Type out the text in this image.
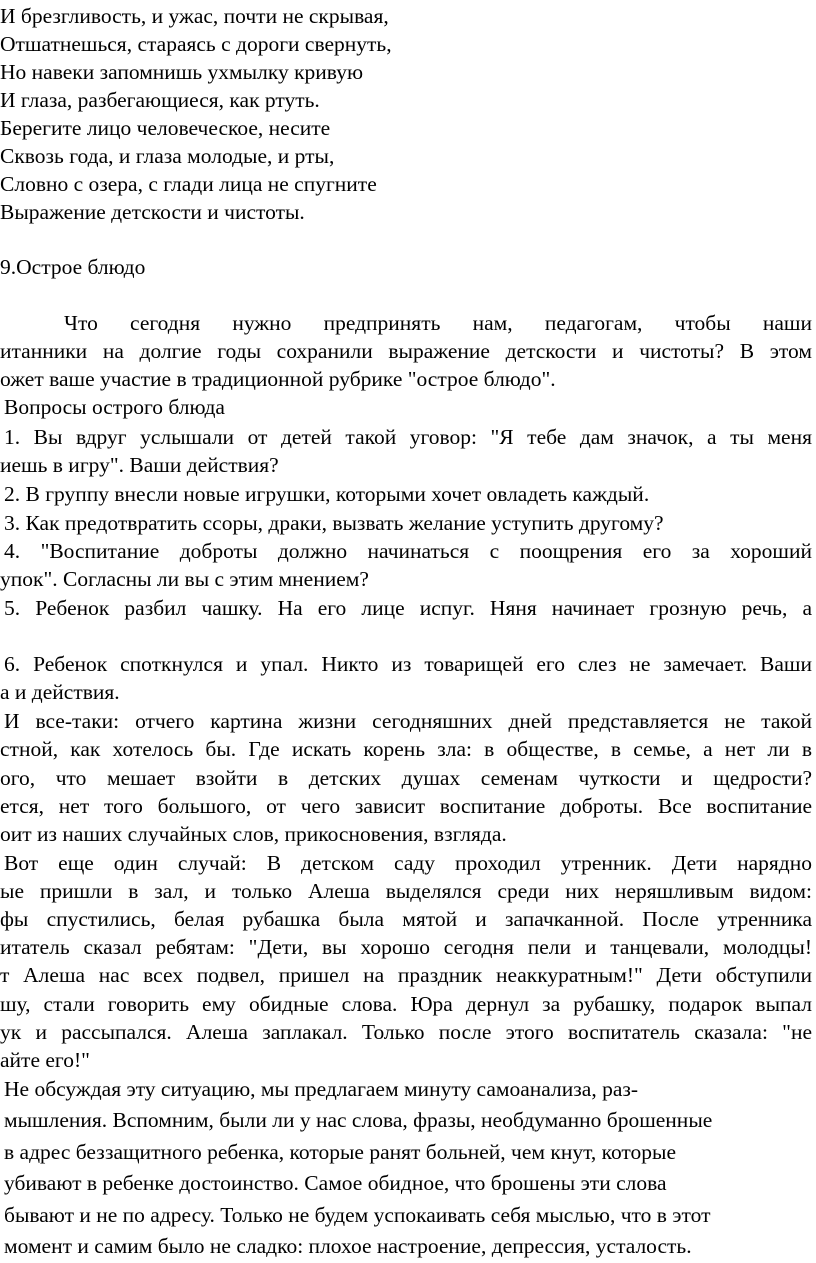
И брезгливость, и ужас, почти не скрывая,
Отшатнешься, стараясь с дороги свернуть,
Но навеки запомнишь ухмылку кривую
И глаза, разбегающиеся, как ртуть.
Берегите лицо человеческое, несите
Сквозь года, и глаза молодые, и рты,
Словно с озера, с глади лица не спугните
Выражение детскости и чистоты.
9.Острое блюдо
Что сегодня нужно предпринять нам, педагогам, чтобы наши
итанники на долгие годы сохранили выражение детскости и чистоты? В этом
ожет ваше участие в традиционной рубрике "острое блюдо".
Вопросы острого блюда
1. Вы вдруг услышали от детей такой уговор: "Я тебе дам значок, а ты меня
иешь в игру". Ваши действия?
2. В группу внесли новые игрушки, которыми хочет овладеть каждый.
3. Как предотвратить ссоры, драки, вызвать желание уступить другому?
4. "Воспитание доброты должно начинаться с поощрения его за хороший
упок". Согласны ли вы с этим мнением?
5. Ребенок разбил чашку. На его лице испуг. Няня начинает грозную речь, а
6. Ребенок споткнулся и упал. Никто из товарищей его слез не замечает. Ваши
а и действия.
И все-таки: отчего картина жизни сегодняшних дней представляется не такой
стной, как хотелось бы. Где искать корень зла: в обществе, в семье, а нет ли в
ого, что мешает взойти в детских душах семенам чуткости и щедрости?
ется, нет того большого, от чего зависит воспитание доброты. Все воспитание
оит из наших случайных слов, прикосновения, взгляда.
Вот еще один случай: В детском саду проходил утренник. Дети нарядно
ые пришли в зал, и только Алеша выделялся среди них неряшливым видом:
фы спустились, белая рубашка была мятой и запачканной. После утренника
итатель сказал ребятам: "Дети, вы хорошо сегодня пели и танцевали, молодцы!
т Алеша нас всех подвел, пришел на праздник неаккуратным!" Дети обступили
шу, стали говорить ему обидные слова. Юра дернул за рубашку, подарок выпал
ук и рассыпался. Алеша заплакал. Только после этого воспитатель сказала: "не
айте его!"
Не обсуждая эту ситуацию, мы предлагаем минуту самоанализа, раз-
мышления. Вспомним, были ли у нас слова, фразы, необдуманно брошенные
в адрес беззащитного ребенка, которые ранят больней, чем кнут, которые
убивают в ребенке достоинство. Самое обидное, что брошены эти слова
бывают и не по адресу. Только не будем успокаивать себя мыслью, что в этот
момент и самим было не сладко: плохое настроение, депрессия, усталость.
